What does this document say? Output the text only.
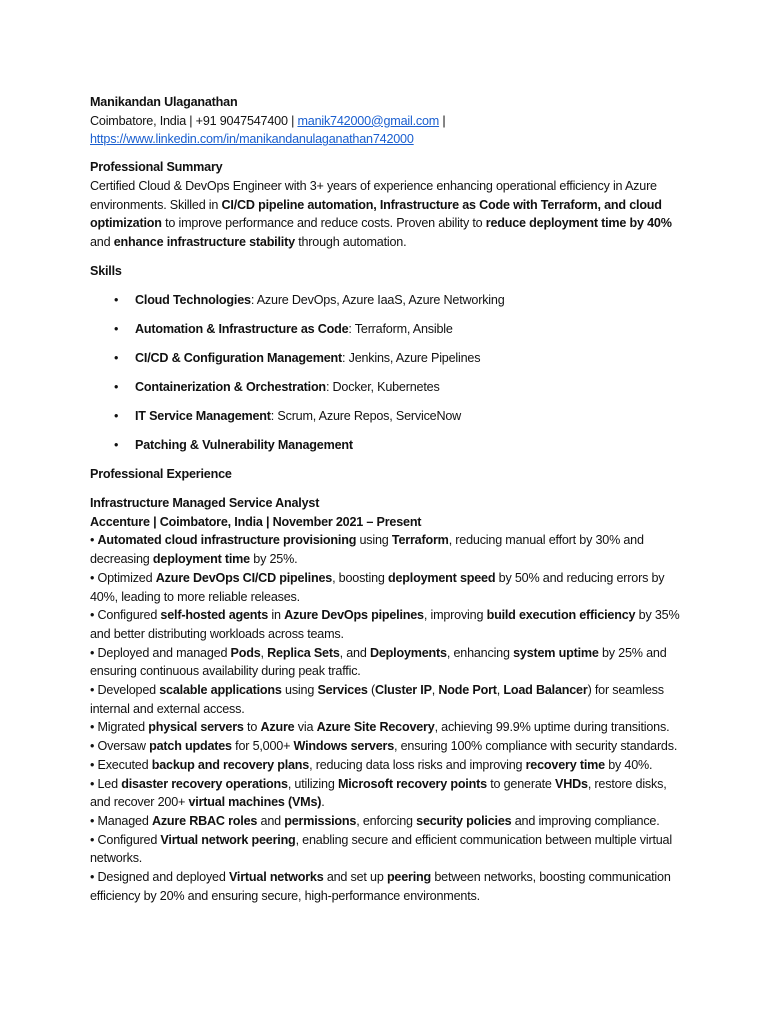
Manikandan Ulaganathan

Coimbatore, India | +91 9047547400 | manik742000@gmail.com |

https://www.linkedin.com/in/manikandanulaganathan742000

Professional Summary

Certified Cloud & DevOps Engineer with 3+ years of experience enhancing operational efficiency in Azure environments. Skilled in CI/CD pipeline automation, Infrastructure as Code with Terraform, and cloud optimization to improve performance and reduce costs. Proven ability to reduce deployment time by 40% and enhance infrastructure stability through automation.

Skills

• Cloud Technologies: Azure DevOps, Azure IaaS, Azure Networking
• Automation & Infrastructure as Code: Terraform, Ansible
• CI/CD & Configuration Management: Jenkins, Azure Pipelines
• Containerization & Orchestration: Docker, Kubernetes
• IT Service Management: Scrum, Azure Repos, ServiceNow
• Patching & Vulnerability Management

Professional Experience

Infrastructure Managed Service Analyst

Accenture | Coimbatore, India | November 2021 – Present

• Automated cloud infrastructure provisioning using Terraform, reducing manual effort by 30% and decreasing deployment time by 25%.

• Optimized Azure DevOps CI/CD pipelines, boosting deployment speed by 50% and reducing errors by 40%, leading to more reliable releases.

• Configured self-hosted agents in Azure DevOps pipelines, improving build execution efficiency by 35% and better distributing workloads across teams.

• Deployed and managed Pods, Replica Sets, and Deployments, enhancing system uptime by 25% and ensuring continuous availability during peak traffic.

• Developed scalable applications using Services (Cluster IP, Node Port, Load Balancer) for seamless internal and external access.

• Migrated physical servers to Azure via Azure Site Recovery, achieving 99.9% uptime during transitions.

• Oversaw patch updates for 5,000+ Windows servers, ensuring 100% compliance with security standards.

• Executed backup and recovery plans, reducing data loss risks and improving recovery time by 40%.

• Led disaster recovery operations, utilizing Microsoft recovery points to generate VHDs, restore disks, and recover 200+ virtual machines (VMs).

• Managed Azure RBAC roles and permissions, enforcing security policies and improving compliance.

• Configured Virtual network peering, enabling secure and efficient communication between multiple virtual networks.

• Designed and deployed Virtual networks and set up peering between networks, boosting communication efficiency by 20% and ensuring secure, high-performance environments.
